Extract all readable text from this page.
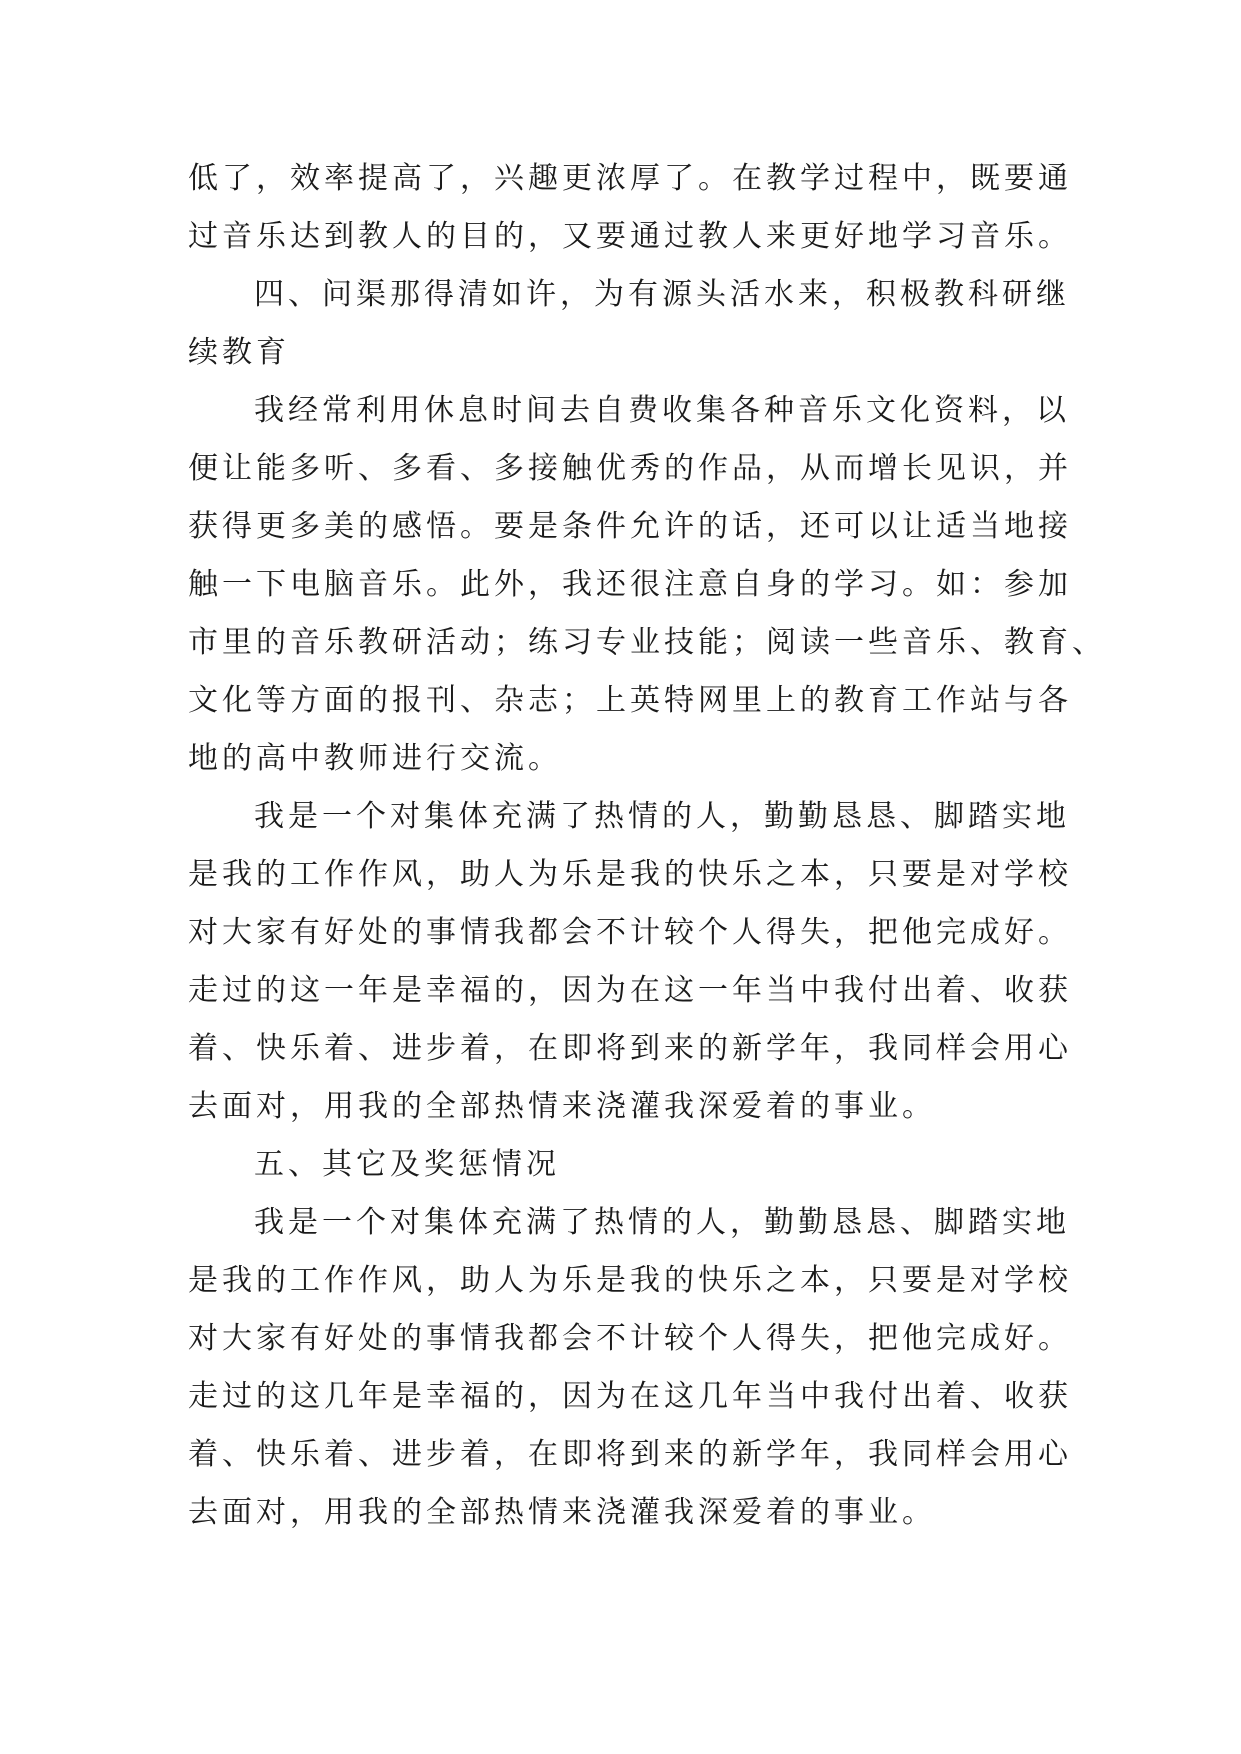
低了，效率提高了，兴趣更浓厚了。在教学过程中，既要通
过音乐达到教人的目的，又要通过教人来更好地学习音乐。
四、问渠那得清如许，为有源头活水来，积极教科研继
续教育
我经常利用休息时间去自费收集各种音乐文化资料，以
便让能多听、多看、多接触优秀的作品，从而增长见识，并
获得更多美的感悟。要是条件允许的话，还可以让适当地接
触一下电脑音乐。此外，我还很注意自身的学习。如：参加
市里的音乐教研活动；练习专业技能；阅读一些音乐、教育、
文化等方面的报刊、杂志；上英特网里上的教育工作站与各
地的高中教师进行交流。
我是一个对集体充满了热情的人，勤勤恳恳、脚踏实地
是我的工作作风，助人为乐是我的快乐之本，只要是对学校
对大家有好处的事情我都会不计较个人得失，把他完成好。
走过的这一年是幸福的，因为在这一年当中我付出着、收获
着、快乐着、进步着，在即将到来的新学年，我同样会用心
去面对，用我的全部热情来浇灌我深爱着的事业。
五、其它及奖惩情况
我是一个对集体充满了热情的人，勤勤恳恳、脚踏实地
是我的工作作风，助人为乐是我的快乐之本，只要是对学校
对大家有好处的事情我都会不计较个人得失，把他完成好。
走过的这几年是幸福的，因为在这几年当中我付出着、收获
着、快乐着、进步着，在即将到来的新学年，我同样会用心
去面对，用我的全部热情来浇灌我深爱着的事业。
